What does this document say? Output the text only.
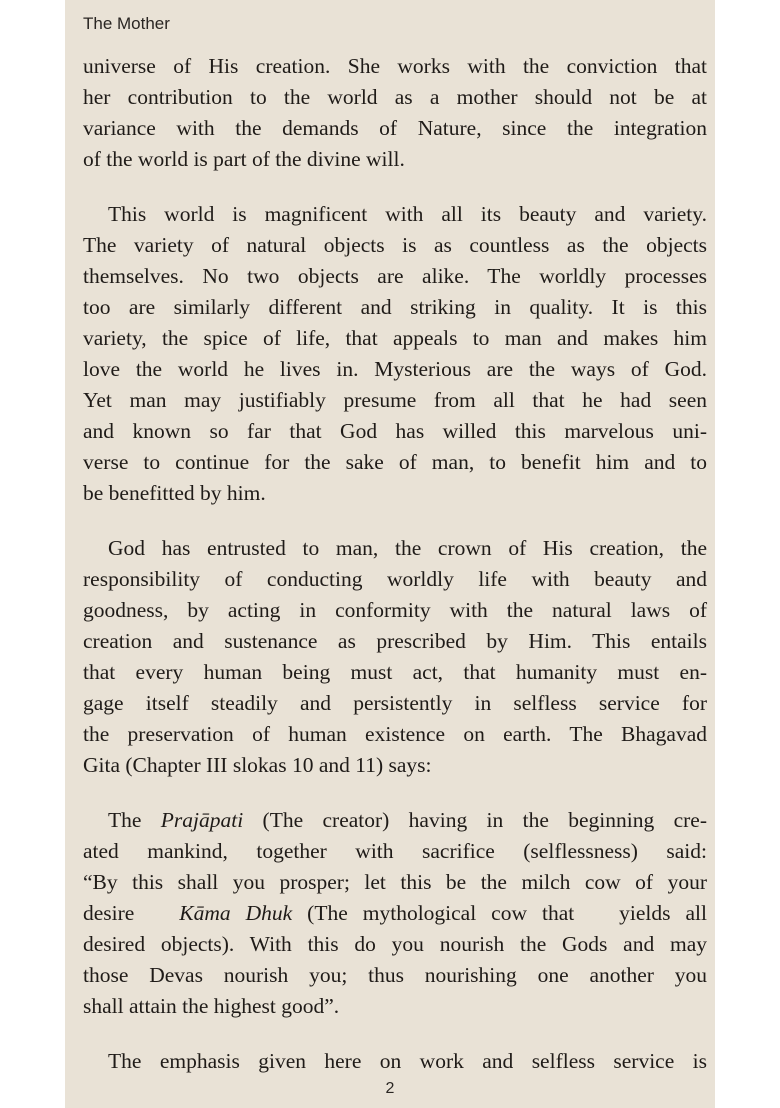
The Mother
universe of His creation. She works with the conviction that
her contribution to the world as a mother should not be at
variance with the demands of Nature, since the integration
of the world is part of the divine will.
This world is magnificent with all its beauty and variety.
The variety of natural objects is as countless as the objects
themselves. No two objects are alike. The worldly processes
too are similarly different and striking in quality. It is this
variety, the spice of life, that appeals to man and makes him
love the world he lives in. Mysterious are the ways of God.
Yet man may justifiably presume from all that he had seen
and known so far that God has willed this marvelous uni-
verse to continue for the sake of man, to benefit him and to
be benefitted by him.
God has entrusted to man, the crown of His creation, the
responsibility of conducting worldly life with beauty and
goodness, by acting in conformity with the natural laws of
creation and sustenance as prescribed by Him. This entails
that every human being must act, that humanity must en-
gage itself steadily and persistently in selfless service for
the preservation of human existence on earth. The Bhagavad
Gita (Chapter III slokas 10 and 11) says:
The Prajāpati (The creator) having in the beginning cre-
ated mankind, together with sacrifice (selflessness) said:
“By this shall you prosper; let this be the milch cow of your
desire   Kāma Dhuk (The mythological cow that   yields all
desired objects). With this do you nourish the Gods and may
those Devas nourish you; thus nourishing one another you
shall attain the highest good”.
The emphasis given here on work and selfless service is
2
